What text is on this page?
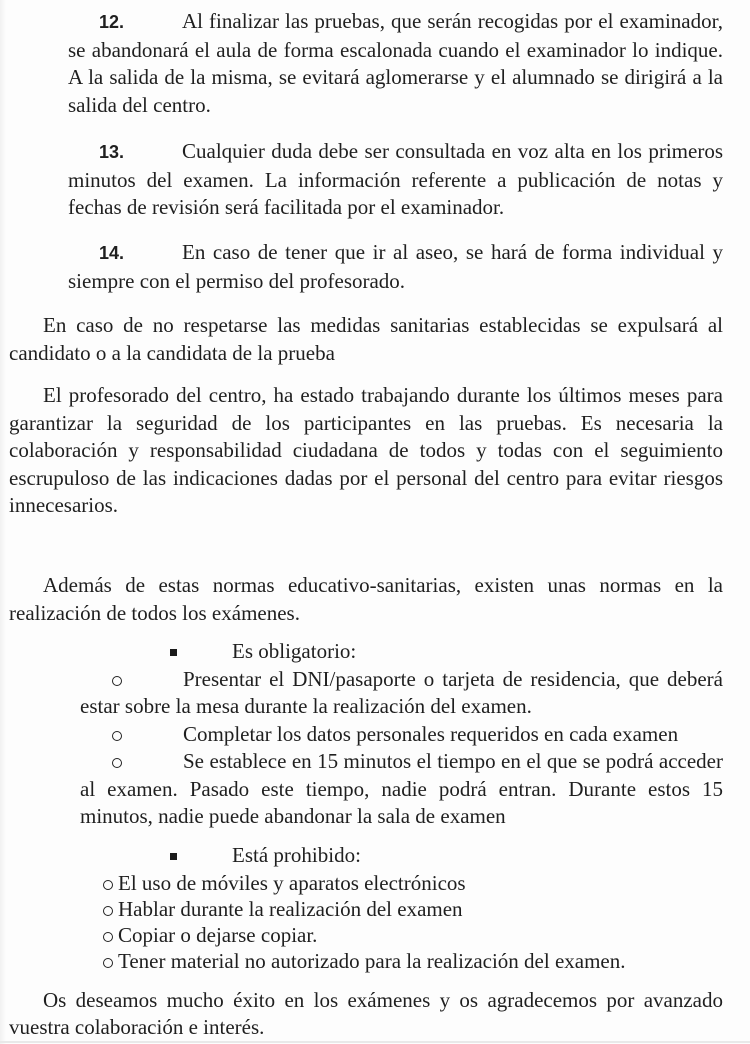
12.	Al finalizar las pruebas, que serán recogidas por el examinador, se abandonará el aula de forma escalonada cuando el examinador lo indique. A la salida de la misma, se evitará aglomerarse y el alumnado se dirigirá a la salida del centro.
13.	Cualquier duda debe ser consultada en voz alta en los primeros minutos del examen. La información referente a publicación de notas y fechas de revisión será facilitada por el examinador.
14.	En caso de tener que ir al aseo, se hará de forma individual y siempre con el permiso del profesorado.

En caso de no respetarse las medidas sanitarias establecidas se expulsará al candidato o a la candidata de la prueba

El profesorado del centro, ha estado trabajando durante los últimos meses para garantizar la seguridad de los participantes en las pruebas. Es necesaria la colaboración y responsabilidad ciudadana de todos y todas con el seguimiento escrupuloso de las indicaciones dadas por el personal del centro para evitar riesgos innecesarios.

Además de estas normas educativo-sanitarias, existen unas normas en la realización de todos los exámenes.

Es obligatorio:
Presentar el DNI/pasaporte o tarjeta de residencia, que deberá estar sobre la mesa durante la realización del examen.
Completar los datos personales requeridos en cada examen
Se establece en 15 minutos el tiempo en el que se podrá acceder al examen. Pasado este tiempo, nadie podrá entran. Durante estos 15 minutos, nadie puede abandonar la sala de examen
Está prohibido:
El uso de móviles y aparatos electrónicos
Hablar durante la realización del examen
Copiar o dejarse copiar.
Tener material no autorizado para la realización del examen.

Os deseamos mucho éxito en los exámenes y os agradecemos por avanzado vuestra colaboración e interés.
